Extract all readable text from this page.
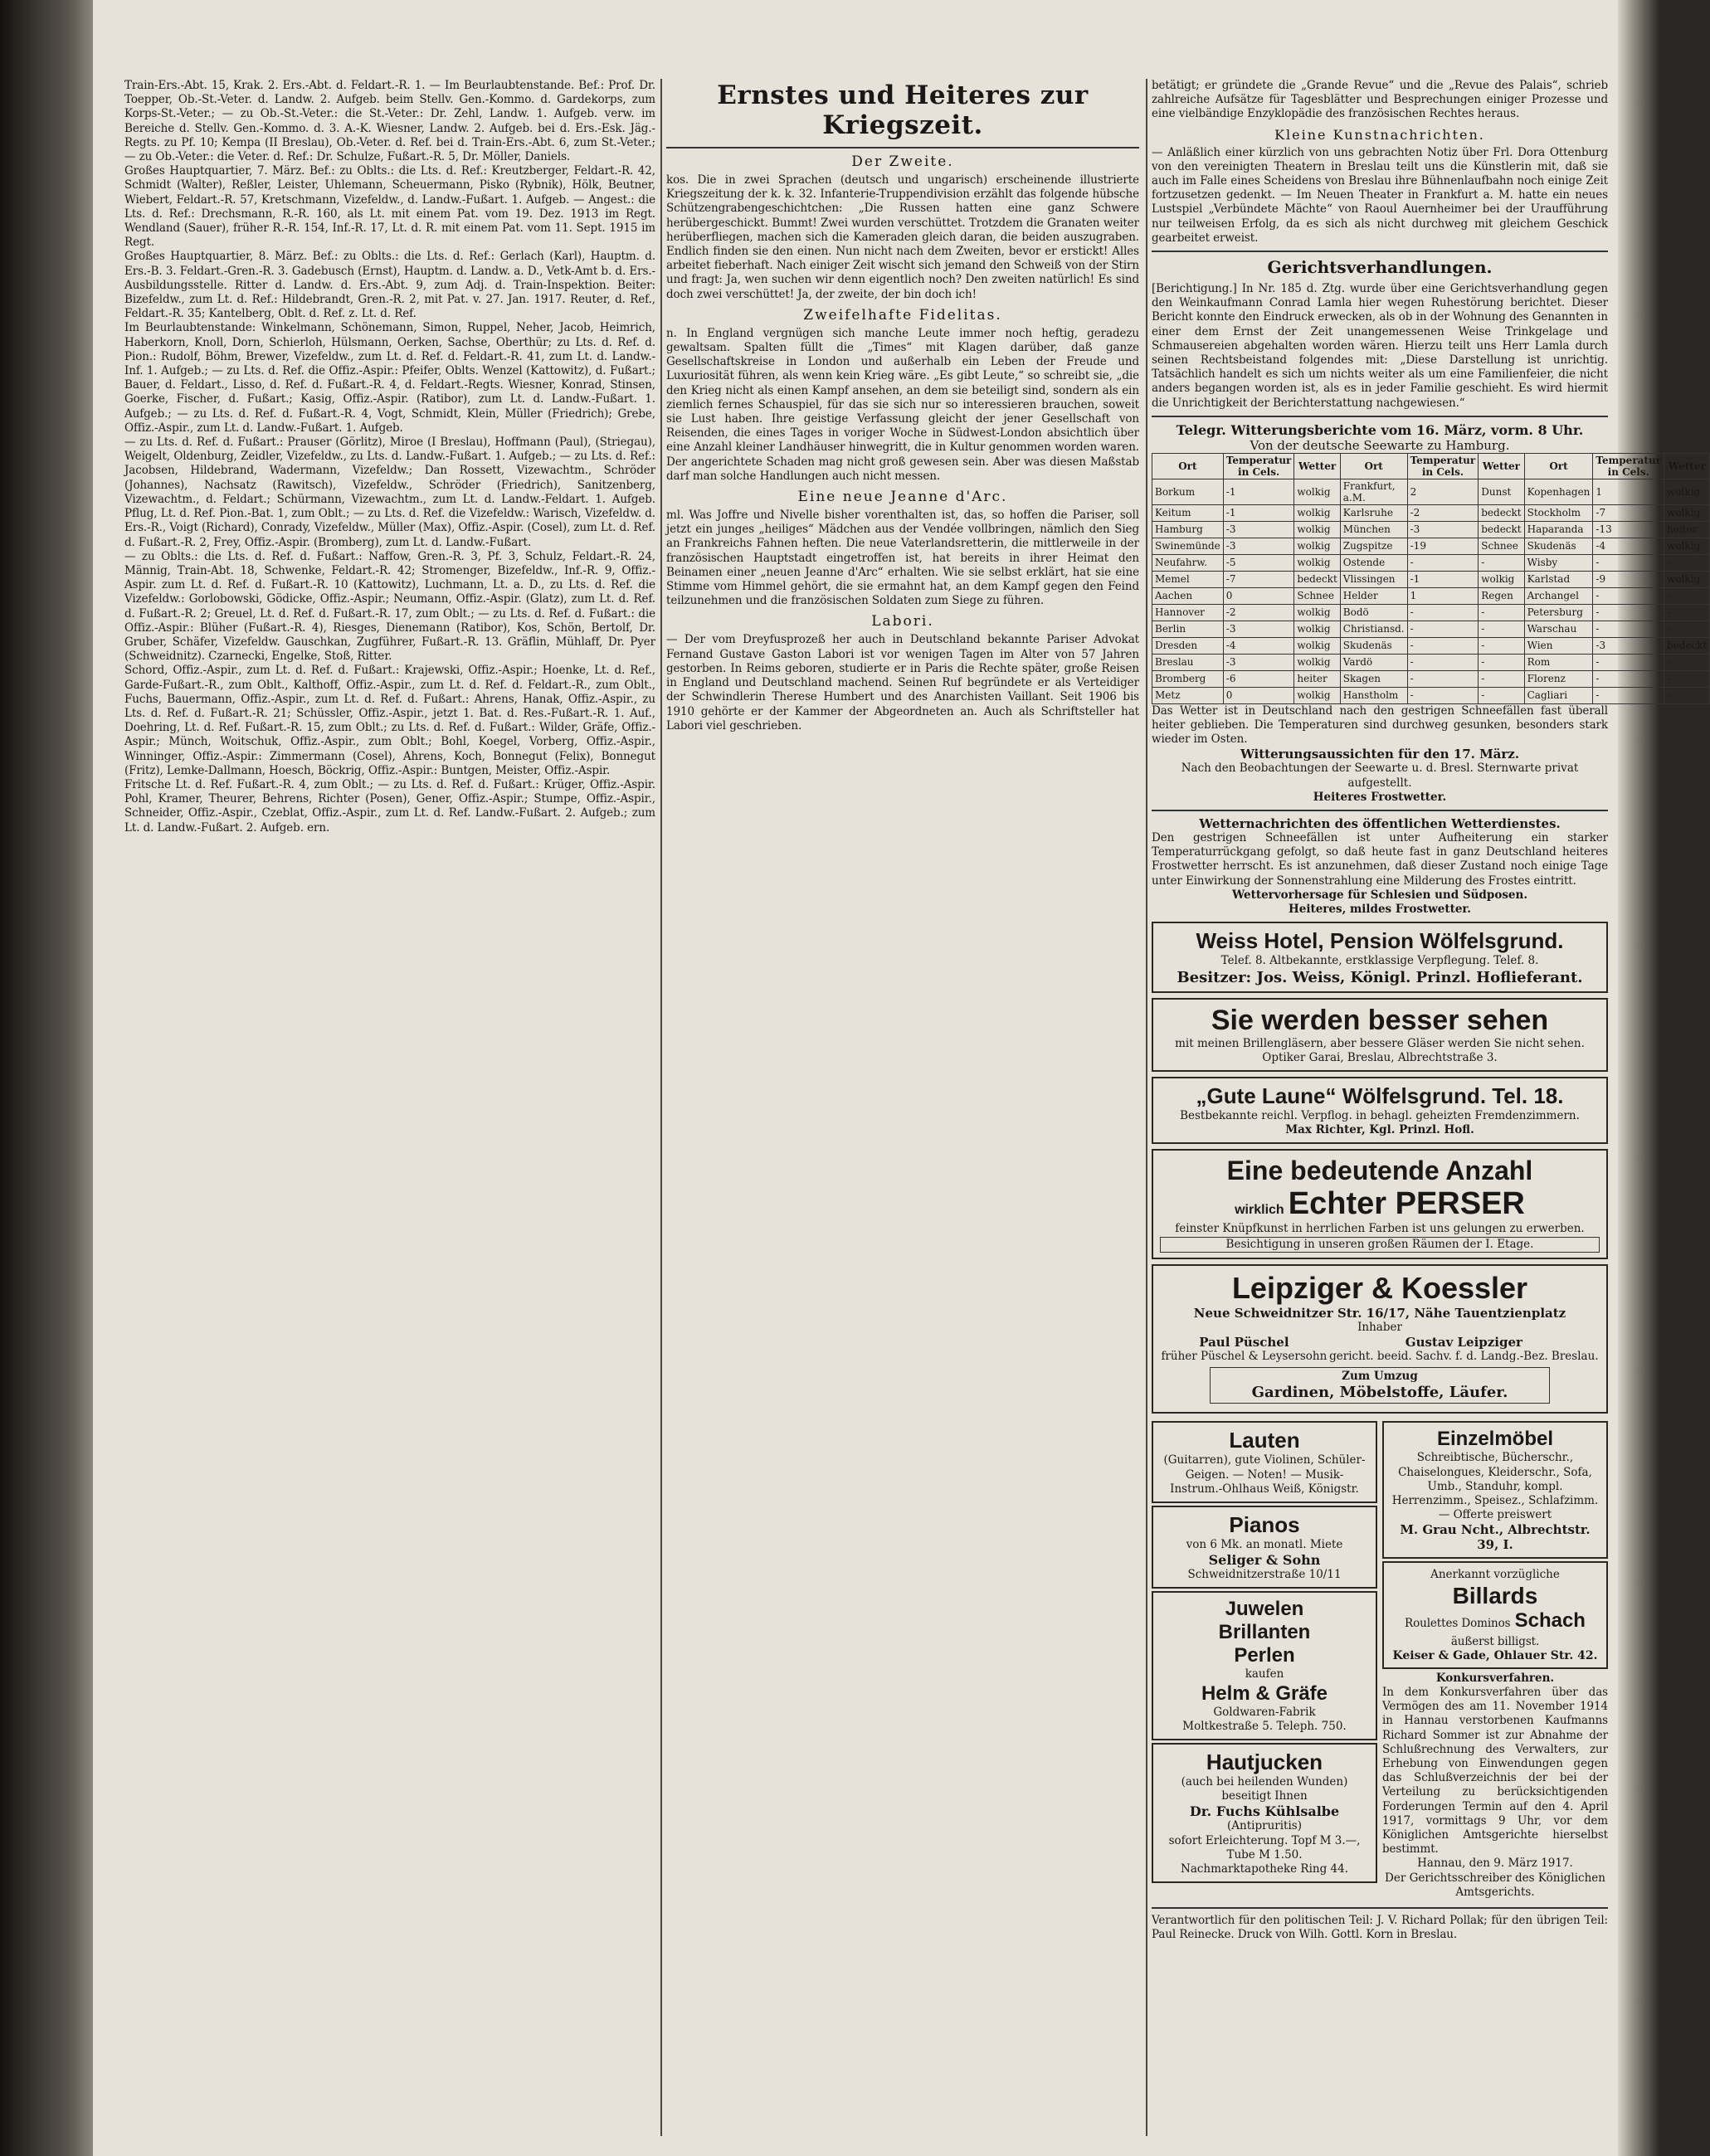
Train-Ers.-Abt. 15, Krak. 2. Ers.-Abt. d. Feldart.-R. 1. — Im Beurlaubtenstande. Bef.: Prof. Dr. Toepper, Ob.-St.-Veter. d. Landw. 2. Aufgeb. beim Stellv. Gen.-Kommo. d. Gardekorps, zum Korps-St.-Veter.; — zu Ob.-St.-Veter.: die St.-Veter.: Dr. Zehl, Landw. 1. Aufgeb. verw. im Bereiche d. Stellv. Gen.-Kommo. d. 3. A.-K. Wiesner, Landw. 2. Aufgeb. bei d. Ers.-Esk. Jäg.-Regts. zu Pf. 10; Kempa (II Breslau), Ob.-Veter. d. Ref. bei d. Train-Ers.-Abt. 6, zum St.-Veter.; — zu Ob.-Veter.: die Veter. d. Ref.: Dr. Schulze, Fußart.-R. 5, Dr. Möller, Daniels.

Großes Hauptquartier, 7. März. Bef.: zu Oblts.: die Lts. d. Ref.: Kreutzberger, Feldart.-R. 42, Schmidt (Walter), Reßler, Leister, Uhlemann, Scheuermann, Pisko (Rybnik), Hölk, Beutner, Wiebert, Feldart.-R. 57, Kretschmann, Vizefeldw., d. Landw.-Fußart. 1. Aufgeb. — Angest.: die Lts. d. Ref.: Drechsmann, R.-R. 160, als Lt. mit einem Pat. vom 19. Dez. 1913 im Regt. Wendland (Sauer), früher R.-R. 154, Inf.-R. 17, Lt. d. R. mit einem Pat. vom 11. Sept. 1915 im Regt.

Großes Hauptquartier, 8. März. Bef.: zu Oblts.: die Lts. d. Ref.: Gerlach (Karl), Hauptm. d. Ers.-B. 3. Feldart.-Gren.-R. 3. Gadebusch (Ernst), Hauptm. d. Landw. a. D., Vetk-Amt b. d. Ers.-Ausbildungsstelle. Ritter d. Landw. d. Ers.-Abt. 9, zum Adj. d. Train-Inspektion. Beiter: Bizefeldw., zum Lt. d. Ref.: Hildebrandt, Gren.-R. 2, mit Pat. v. 27. Jan. 1917. Reuter, d. Ref., Feldart.-R. 35; Kantelberg, Oblt. d. Ref. z. Lt. d. Ref.

Im Beurlaubtenstande: Winkelmann, Schönemann, Simon, Ruppel, Neher, Jacob, Heimrich, Haberkorn, Knoll, Dorn, Schierloh, Hülsmann, Oerken, Sachse, Oberthür; zu Lts. d. Ref. d. Pion.: Rudolf, Böhm, Brewer, Vizefeldw., zum Lt. d. Ref. d. Feldart.-R. 41, zum Lt. d. Landw.-Inf. 1. Aufgeb.; — zu Lts. d. Ref. die Offiz.-Aspir.: Pfeifer, Oblts. Wenzel (Kattowitz), d. Fußart.; Bauer, d. Feldart., Lisso, d. Ref. d. Fußart.-R. 4, d. Feldart.-Regts. Wiesner, Konrad, Stinsen, Goerke, Fischer, d. Fußart.; Kasig, Offiz.-Aspir. (Ratibor), zum Lt. d. Landw.-Fußart. 1. Aufgeb.; — zu Lts. d. Ref. d. Fußart.-R. 4, Vogt, Schmidt, Klein, Müller (Friedrich); Grebe, Offiz.-Aspir., zum Lt. d. Landw.-Fußart. 1. Aufgeb.

— zu Lts. d. Ref. d. Fußart.: Prauser (Görlitz), Miroe (I Breslau), Hoffmann (Paul), (Striegau), Weigelt, Oldenburg, Zeidler, Vizefeldw., zu Lts. d. Landw.-Fußart. 1. Aufgeb.; — zu Lts. d. Ref.: Jacobsen, Hildebrand, Wadermann, Vizefeldw.; Dan Rossett, Vizewachtm., Schröder (Johannes), Nachsatz (Rawitsch), Vizefeldw., Schröder (Friedrich), Sanitzenberg, Vizewachtm., d. Feldart.; Schürmann, Vizewachtm., zum Lt. d. Landw.-Feldart. 1. Aufgeb. Pflug, Lt. d. Ref. Pion.-Bat. 1, zum Oblt.; — zu Lts. d. Ref. die Vizefeldw.: Warisch, Vizefeldw. d. Ers.-R., Voigt (Richard), Conrady, Vizefeldw., Müller (Max), Offiz.-Aspir. (Cosel), zum Lt. d. Ref. d. Fußart.-R. 2, Frey, Offiz.-Aspir. (Bromberg), zum Lt. d. Landw.-Fußart.

— zu Oblts.: die Lts. d. Ref. d. Fußart.: Naffow, Gren.-R. 3, Pf. 3, Schulz, Feldart.-R. 24, Männig, Train-Abt. 18, Schwenke, Feldart.-R. 42; Stromenger, Bizefeldw., Inf.-R. 9, Offiz.-Aspir. zum Lt. d. Ref. d. Fußart.-R. 10 (Kattowitz), Luchmann, Lt. a. D., zu Lts. d. Ref. die Vizefeldw.: Gorlobowski, Gödicke, Offiz.-Aspir.; Neumann, Offiz.-Aspir. (Glatz), zum Lt. d. Ref. d. Fußart.-R. 2; Greuel, Lt. d. Ref. d. Fußart.-R. 17, zum Oblt.; — zu Lts. d. Ref. d. Fußart.: die Offiz.-Aspir.: Blüher (Fußart.-R. 4), Riesges, Dienemann (Ratibor), Kos, Schön, Bertolf, Dr. Gruber, Schäfer, Vizefeldw. Gauschkan, Zugführer, Fußart.-R. 13. Gräflin, Mühlaff, Dr. Pyer (Schweidnitz). Czarnecki, Engelke, Stoß, Ritter.

Schord, Offiz.-Aspir., zum Lt. d. Ref. d. Fußart.: Krajewski, Offiz.-Aspir.; Hoenke, Lt. d. Ref., Garde-Fußart.-R., zum Oblt., Kalthoff, Offiz.-Aspir., zum Lt. d. Ref. d. Feldart.-R., zum Oblt., Fuchs, Bauermann, Offiz.-Aspir., zum Lt. d. Ref. d. Fußart.: Ahrens, Hanak, Offiz.-Aspir., zu Lts. d. Ref. d. Fußart.-R. 21; Schüssler, Offiz.-Aspir., jetzt 1. Bat. d. Res.-Fußart.-R. 1. Auf., Doehring, Lt. d. Ref. Fußart.-R. 15, zum Oblt.; zu Lts. d. Ref. d. Fußart.: Wilder, Gräfe, Offiz.-Aspir.; Münch, Woitschuk, Offiz.-Aspir., zum Oblt.; Bohl, Koegel, Vorberg, Offiz.-Aspir., Winninger, Offiz.-Aspir.: Zimmermann (Cosel), Ahrens, Koch, Bonnegut (Felix), Bonnegut (Fritz), Lemke-Dallmann, Hoesch, Böckrig, Offiz.-Aspir.: Buntgen, Meister, Offiz.-Aspir.

Fritsche Lt. d. Ref. Fußart.-R. 4, zum Oblt.; — zu Lts. d. Ref. d. Fußart.: Krüger, Offiz.-Aspir. Pohl, Kramer, Theurer, Behrens, Richter (Posen), Gener, Offiz.-Aspir.; Stumpe, Offiz.-Aspir., Schneider, Offiz.-Aspir., Czeblat, Offiz.-Aspir., zum Lt. d. Ref. Landw.-Fußart. 2. Aufgeb.; zum Lt. d. Landw.-Fußart. 2. Aufgeb. ern.

Ernstes und Heiteres zur Kriegszeit.
Der Zweite.

kos. Die in zwei Sprachen (deutsch und ungarisch) erscheinende illustrierte Kriegszeitung der k. k. 32. Infanterie-Truppendivision erzählt das folgende hübsche Schützengrabengeschichtchen: „Die Russen hatten eine ganz Schwere herübergeschickt. Bummt! Zwei wurden verschüttet. Trotzdem die Granaten weiter herüberfliegen, machen sich die Kameraden gleich daran, die beiden auszugraben. Endlich finden sie den einen. Nun nicht nach dem Zweiten, bevor er erstickt! Alles arbeitet fieberhaft. Nach einiger Zeit wischt sich jemand den Schweiß von der Stirn und fragt: Ja, wen suchen wir denn eigentlich noch? Den zweiten natürlich! Es sind doch zwei verschüttet! Ja, der zweite, der bin doch ich!

Zweifelhafte Fidelitas.

n. In England vergnügen sich manche Leute immer noch heftig, geradezu gewaltsam. Spalten füllt die „Times“ mit Klagen darüber, daß ganze Gesellschaftskreise in London und außerhalb ein Leben der Freude und Luxuriosität führen, als wenn kein Krieg wäre. „Es gibt Leute,“ so schreibt sie, „die den Krieg nicht als einen Kampf ansehen, an dem sie beteiligt sind, sondern als ein ziemlich fernes Schauspiel, für das sie sich nur so interessieren brauchen, soweit sie Lust haben. Ihre geistige Verfassung gleicht der jener Gesellschaft von Reisenden, die eines Tages in voriger Woche in Südwest-London absichtlich über eine Anzahl kleiner Landhäuser hinwegritt, die in Kultur genommen worden waren. Der angerichtete Schaden mag nicht groß gewesen sein. Aber was diesen Maßstab darf man solche Handlungen auch nicht messen.

Eine neue Jeanne d'Arc.

ml. Was Joffre und Nivelle bisher vorenthalten ist, das, so hoffen die Pariser, soll jetzt ein junges „heiliges“ Mädchen aus der Vendée vollbringen, nämlich den Sieg an Frankreichs Fahnen heften. Die neue Vaterlandsretterin, die mittlerweile in der französischen Hauptstadt eingetroffen ist, hat bereits in ihrer Heimat den Beinamen einer „neuen Jeanne d'Arc“ erhalten. Wie sie selbst erklärt, hat sie eine Stimme vom Himmel gehört, die sie ermahnt hat, an dem Kampf gegen den Feind teilzunehmen und die französischen Soldaten zum Siege zu führen.

Labori.

— Der vom Dreyfusprozeß her auch in Deutschland bekannte Pariser Advokat Fernand Gustave Gaston Labori ist vor wenigen Tagen im Alter von 57 Jahren gestorben. In Reims geboren, studierte er in Paris die Rechte später, große Reisen in England und Deutschland machend. Seinen Ruf begründete er als Verteidiger der Schwindlerin Therese Humbert und des Anarchisten Vaillant. Seit 1906 bis 1910 gehörte er der Kammer der Abgeordneten an. Auch als Schriftsteller hat Labori viel geschrieben.

betätigt; er gründete die „Grande Revue“ und die „Revue des Palais“, schrieb zahlreiche Aufsätze für Tagesblätter und Besprechungen einiger Prozesse und eine vielbändige Enzyklopädie des französischen Rechtes heraus.

Kleine Kunstnachrichten.

— Anläßlich einer kürzlich von uns gebrachten Notiz über Frl. Dora Ottenburg von den vereinigten Theatern in Breslau teilt uns die Künstlerin mit, daß sie auch im Falle eines Scheidens von Breslau ihre Bühnenlaufbahn noch einige Zeit fortzusetzen gedenkt. — Im Neuen Theater in Frankfurt a. M. hatte ein neues Lustspiel „Verbündete Mächte“ von Raoul Auernheimer bei der Uraufführung nur teilweisen Erfolg, da es sich als nicht durchweg mit gleichem Geschick gearbeitet erweist.

Gerichtsverhandlungen.

[Berichtigung.] In Nr. 185 d. Ztg. wurde über eine Gerichtsverhandlung gegen den Weinkaufmann Conrad Lamla hier wegen Ruhestörung berichtet. Dieser Bericht konnte den Eindruck erwecken, als ob in der Wohnung des Genannten in einer dem Ernst der Zeit unangemessenen Weise Trinkgelage und Schmausereien abgehalten worden wären. Hierzu teilt uns Herr Lamla durch seinen Rechtsbeistand folgendes mit: „Diese Darstellung ist unrichtig. Tatsächlich handelt es sich um nichts weiter als um eine Familienfeier, die nicht anders begangen worden ist, als es in jeder Familie geschieht. Es wird hiermit die Unrichtigkeit der Berichterstattung nachgewiesen.“

Telegr. Witterungsberichte vom 16. März, vorm. 8 Uhr.
Von der deutsche Seewarte zu Hamburg.
Ort	Temperatur in Cels.	Wetter	Ort	Temperatur in Cels.	Wetter	Ort	Temperatur in Cels.	Wetter
Borkum	-1	wolkig	Frankfurt, a.M.	2	Dunst	Kopenhagen	1	wolkig
Keitum	-1	wolkig	Karlsruhe	-2	bedeckt	Stockholm	-7	wolkig
Hamburg	-3	wolkig	München	-3	bedeckt	Haparanda	-13	heiter
Swinemünde	-3	wolkig	Zugspitze	-19	Schnee	Skudenäs	-4	wolkig
Neufahrw.	-5	wolkig	Ostende	-	-	Wisby	-	-
Memel	-7	bedeckt	Vlissingen	-1	wolkig	Karlstad	-9	wolkig
Aachen	0	Schnee	Helder	1	Regen	Archangel	-	-
Hannover	-2	wolkig	Bodö	-	-	Petersburg	-	-
Berlin	-3	wolkig	Christiansd.	-	-	Warschau	-	-
Dresden	-4	wolkig	Skudenäs	-	-	Wien	-3	bedeckt
Breslau	-3	wolkig	Vardö	-	-	Rom	-	-
Bromberg	-6	heiter	Skagen	-	-	Florenz	-	-
Metz	0	wolkig	Hanstholm	-	-	Cagliari	-	-

Das Wetter ist in Deutschland nach den gestrigen Schneefällen fast überall heiter geblieben. Die Temperaturen sind durchweg gesunken, besonders stark wieder im Osten.

Witterungsaussichten für den 17. März.
Nach den Beobachtungen der Seewarte u. d. Bresl. Sternwarte privat aufgestellt.
Heiteres Frostwetter.
Wetternachrichten des öffentlichen Wetterdienstes.

Den gestrigen Schneefällen ist unter Aufheiterung ein starker Temperaturrückgang gefolgt, so daß heute fast in ganz Deutschland heiteres Frostwetter herrscht. Es ist anzunehmen, daß dieser Zustand noch einige Tage unter Einwirkung der Sonnenstrahlung eine Milderung des Frostes eintritt.

Wettervorhersage für Schlesien und Südposen.
Heiteres, mildes Frostwetter.
Weiss Hotel, Pension Wölfelsgrund.
Telef. 8. Altbekannte, erstklassige Verpflegung. Telef. 8.
Besitzer: Jos. Weiss, Königl. Prinzl. Hoflieferant.
Sie werden besser sehen
mit meinen Brillengläsern, aber bessere Gläser werden Sie nicht sehen.
Optiker Garai, Breslau, Albrechtstraße 3.
„Gute Laune“ Wölfelsgrund. Tel. 18.
Bestbekannte reichl. Verpflog. in behagl. geheizten Fremdenzimmern.
Max Richter, Kgl. Prinzl. Hofl.
Eine bedeutende Anzahl
wirklich Echter PERSER
feinster Knüpfkunst in herrlichen Farben ist uns gelungen zu erwerben.
Besichtigung in unseren großen Räumen der I. Etage.
Leipziger & Koessler
Neue Schweidnitzer Str. 16/17, Nähe Tauentzienplatz
Inhaber
Paul Püschel
früher Püschel & Leysersohn
Gustav Leipziger
gericht. beeid. Sachv. f. d. Landg.-Bez. Breslau.
Zum Umzug
Gardinen, Möbelstoffe, Läufer.
Lauten
(Guitarren), gute Violinen, Schüler-Geigen. — Noten! — Musik-Instrum.-Ohlhaus Weiß, Königstr.
Pianos
von 6 Mk. an monatl. Miete
Seliger & Sohn
Schweidnitzerstraße 10/11
Juwelen
Brillanten
Perlen
kaufen
Helm & Gräfe
Goldwaren-Fabrik
Moltkestraße 5. Teleph. 750.
Hautjucken
(auch bei heilenden Wunden) beseitigt Ihnen
Dr. Fuchs Kühlsalbe
(Antipruritis)
sofort Erleichterung. Topf M 3.—, Tube M 1.50.
Nachmarktapotheke Ring 44.
Einzelmöbel
Schreibtische, Bücherschr., Chaiselongues, Kleiderschr., Sofa, Umb., Standuhr, kompl. Herrenzimm., Speisez., Schlafzimm. — Offerte preiswert
M. Grau Ncht., Albrechtstr. 39, I.
Anerkannt vorzügliche
Billards
Roulettes Dominos Schach äußerst billigst.
Keiser & Gade, Ohlauer Str. 42.
Konkursverfahren.

In dem Konkursverfahren über das Vermögen des am 11. November 1914 in Hannau verstorbenen Kaufmanns Richard Sommer ist zur Abnahme der Schlußrechnung des Verwalters, zur Erhebung von Einwendungen gegen das Schlußverzeichnis der bei der Verteilung zu berücksichtigenden Forderungen Termin auf den 4. April 1917, vormittags 9 Uhr, vor dem Königlichen Amtsgerichte hierselbst bestimmt.

Hannau, den 9. März 1917.
Der Gerichtsschreiber des Königlichen Amtsgerichts.

Verantwortlich für den politischen Teil: J. V. Richard Pollak; für den übrigen Teil: Paul Reinecke. Druck von Wilh. Gottl. Korn in Breslau.
